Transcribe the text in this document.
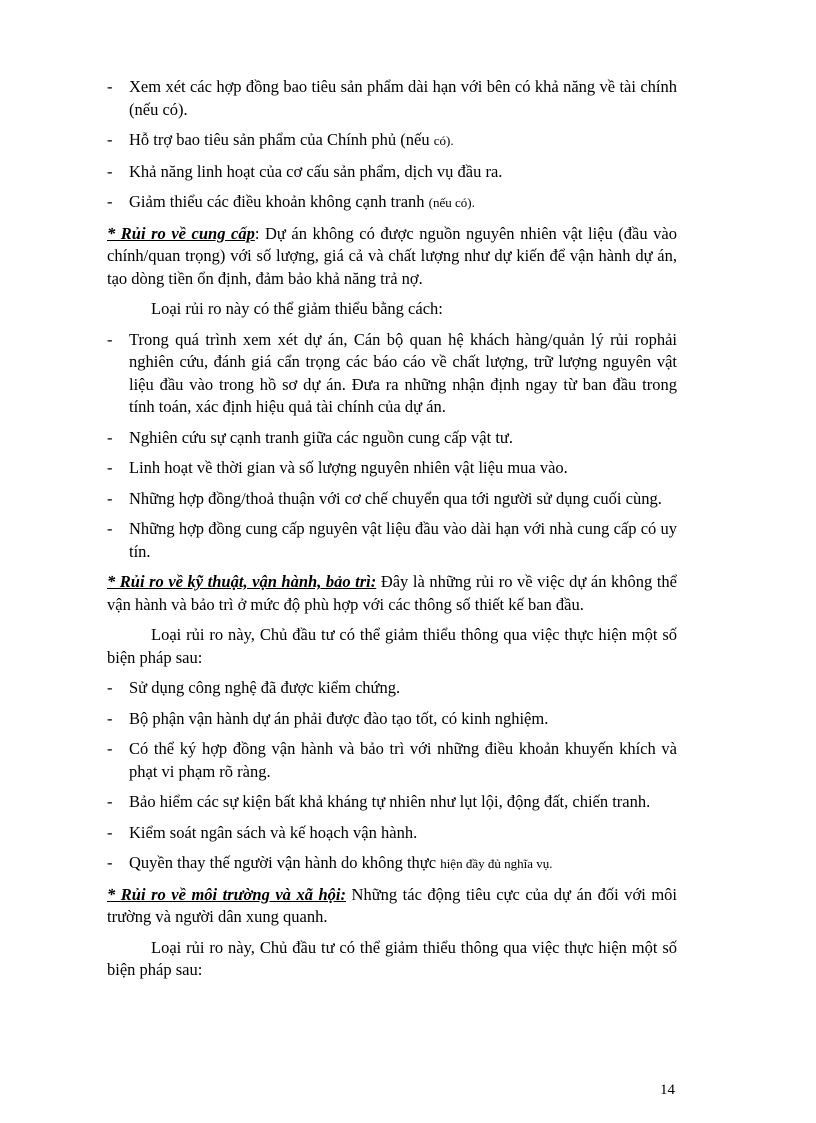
- Xem xét các hợp đồng bao tiêu sản phẩm dài hạn với bên có khả năng về tài chính (nếu có).
- Hỗ trợ bao tiêu sản phẩm của Chính phủ (nếu có).
- Khả năng linh hoạt của cơ cấu sản phẩm, dịch vụ đầu ra.
- Giảm thiểu các điều khoản không cạnh tranh (nếu có).
* Rủi ro về cung cấp: Dự án không có được nguồn nguyên nhiên vật liệu (đầu vào chính/quan trọng) với số lượng, giá cả và chất lượng như dự kiến để vận hành dự án, tạo dòng tiền ổn định, đảm bảo khả năng trả nợ.
Loại rủi ro này có thể giảm thiểu bằng cách:
- Trong quá trình xem xét dự án, Cán bộ quan hệ khách hàng/quản lý rủi rophải nghiên cứu, đánh giá cẩn trọng các báo cáo về chất lượng, trữ lượng nguyên vật liệu đầu vào trong hồ sơ dự án. Đưa ra những nhận định ngay từ ban đầu trong tính toán, xác định hiệu quả tài chính của dự án.
- Nghiên cứu sự cạnh tranh giữa các nguồn cung cấp vật tư.
- Linh hoạt về thời gian và số lượng nguyên nhiên vật liệu mua vào.
- Những hợp đồng/thoả thuận với cơ chế chuyển qua tới người sử dụng cuối cùng.
- Những hợp đồng cung cấp nguyên vật liệu đầu vào dài hạn với nhà cung cấp có uy tín.
* Rủi ro về kỹ thuật, vận hành, bảo trì: Đây là những rủi ro về việc dự án không thể vận hành và bảo trì ở mức độ phù hợp với các thông số thiết kế ban đầu.
Loại rủi ro này, Chủ đầu tư có thể giảm thiểu thông qua việc thực hiện một số biện pháp sau:
- Sử dụng công nghệ đã được kiểm chứng.
- Bộ phận vận hành dự án phải được đào tạo tốt, có kinh nghiệm.
- Có thể ký hợp đồng vận hành và bảo trì với những điều khoản khuyến khích và phạt vi phạm rõ ràng.
- Bảo hiểm các sự kiện bất khả kháng tự nhiên như lụt lội, động đất, chiến tranh.
- Kiểm soát ngân sách và kế hoạch vận hành.
- Quyền thay thế người vận hành do không thực hiện đầy đủ nghĩa vụ.
* Rủi ro về môi trường và xã hội: Những tác động tiêu cực của dự án đối với môi trường và người dân xung quanh.
Loại rủi ro này, Chủ đầu tư có thể giảm thiểu thông qua việc thực hiện một số biện pháp sau:
14
